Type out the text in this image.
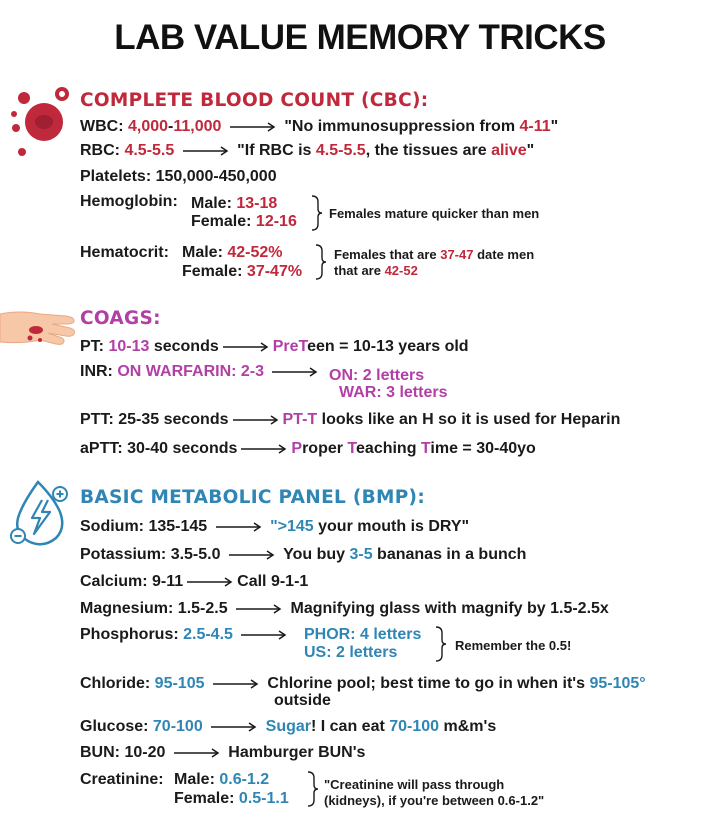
LAB VALUE MEMORY TRICKS
COMPLETE BLOOD COUNT (CBC):
WBC: 4,000-11,000	"No immunosuppression from 4-11"
RBC: 4.5-5.5	"If RBC is 4.5-5.5, the tissues are alive"
Platelets: 150,000-450,000
Hemoglobin: Male: 13-18
Female: 12-16 Females mature quicker than men
Hematocrit: Male: 42-52%
Female: 37-47%
Females that are 37-47 date men
that are 42-52
COAGS:
PT: 10-13 seconds	PreTeen = 10-13 years old
INR: ON WARFARIN: 2-3	ON: 2 letters
WAR: 3 letters
PTT: 25-35 seconds	PT-T looks like an H so it is used for Heparin
aPTT: 30-40 seconds	Proper Teaching Time = 30-40yo
BASIC METABOLIC PANEL (BMP):
Sodium: 135-145	">145 your mouth is DRY"
Potassium: 3.5-5.0	You buy 3-5 bananas in a bunch
Calcium: 9-11	Call 9-1-1
Magnesium: 1.5-2.5	Magnifying glass with magnify by 1.5-2.5x
Phosphorus: 2.5-4.5	PHOR: 4 letters
US: 2 letters	Remember the 0.5!
Chloride: 95-105	Chlorine pool; best time to go in when it's 95-105°
outside
Glucose: 70-100	Sugar! I can eat 70-100 m&m's
BUN: 10-20	Hamburger BUN's
Creatinine: Male: 0.6-1.2
Female: 0.5-1.1
"Creatinine will pass through
(kidneys), if you're between 0.6-1.2"
